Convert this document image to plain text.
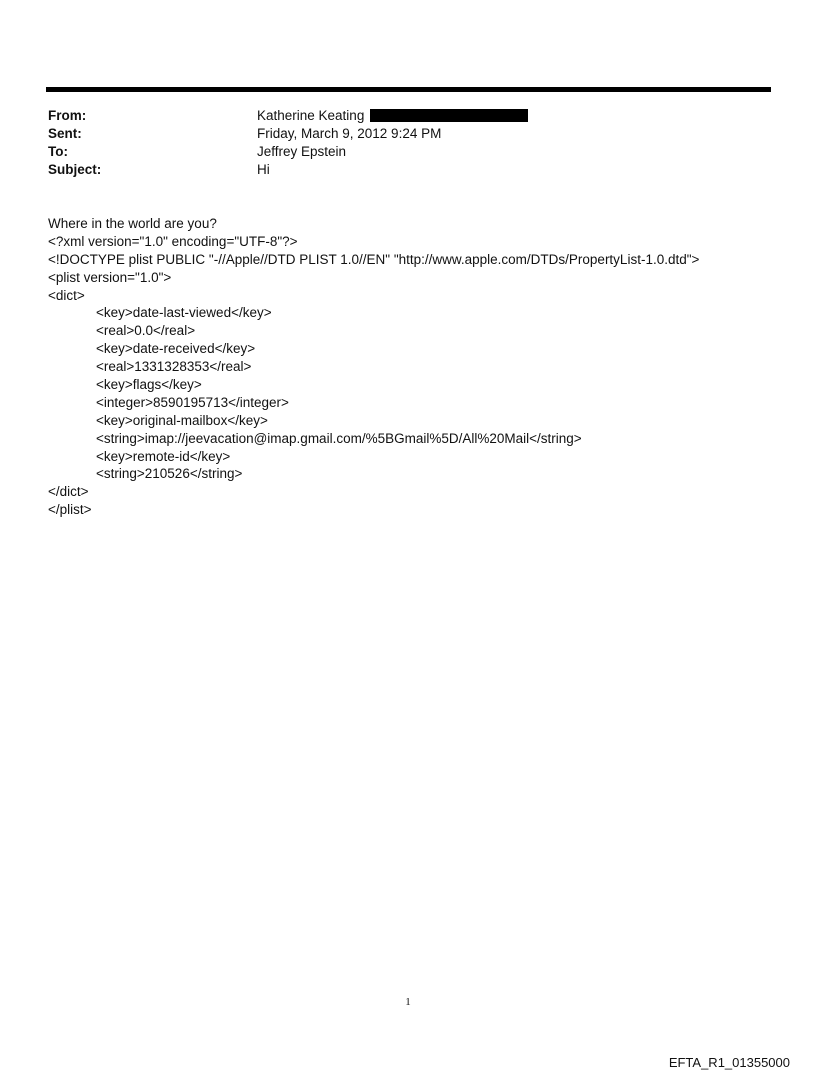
From:	Katherine Keating
Sent:	Friday, March 9, 2012 9:24 PM
To:	Jeffrey Epstein
Subject:	Hi
Where in the world are you?
<?xml version="1.0" encoding="UTF-8"?>
<!DOCTYPE plist PUBLIC "-//Apple//DTD PLIST 1.0//EN" "http://www.apple.com/DTDs/PropertyList-1.0.dtd">
<plist version="1.0">
<dict>
<key>date-last-viewed</key>
<real>0.0</real>
<key>date-received</key>
<real>1331328353</real>
<key>flags</key>
<integer>8590195713</integer>
<key>original-mailbox</key>
<string>imap://jeevacation@imap.gmail.com/%5BGmail%5D/All%20Mail</string>
<key>remote-id</key>
<string>210526</string>
</dict>
</plist>
1
EFTA_R1_01355000
